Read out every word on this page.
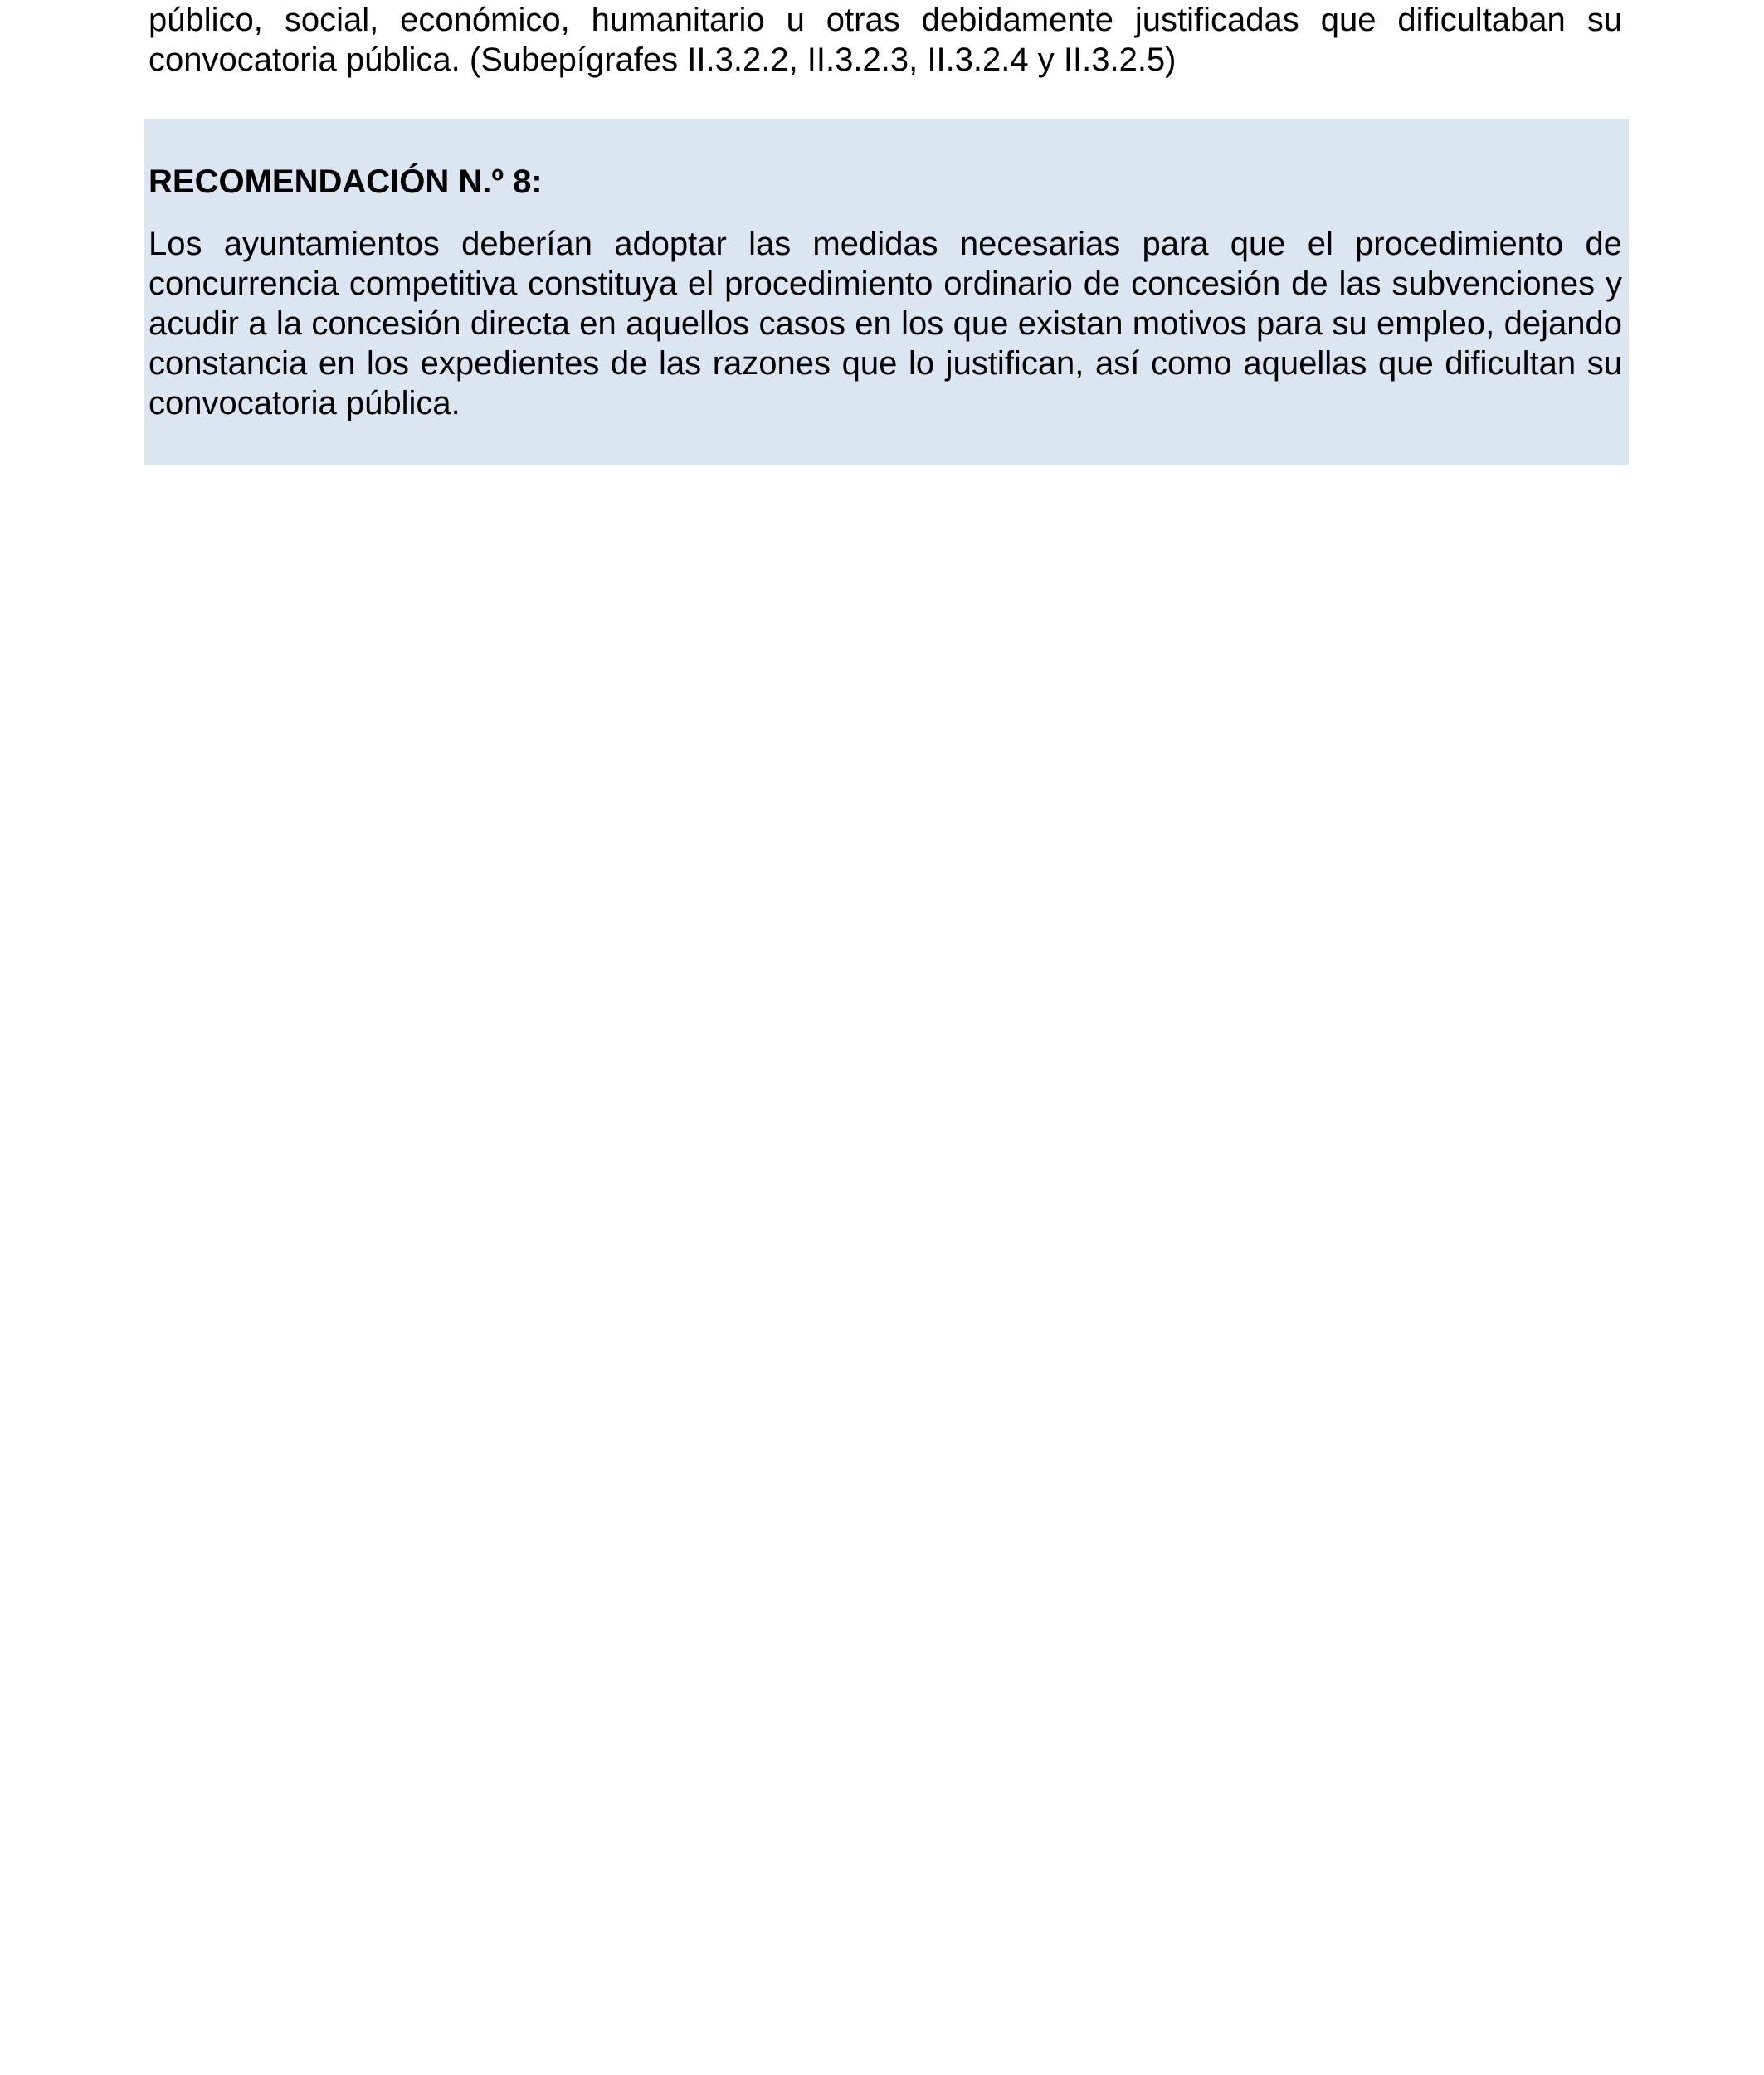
público, social, económico, humanitario u otras debidamente justificadas que dificultaban su convocatoria pública. (Subepígrafes II.3.2.2, II.3.2.3, II.3.2.4 y II.3.2.5)

RECOMENDACIÓN N.º 8:

Los ayuntamientos deberían adoptar las medidas necesarias para que el procedimiento de concurrencia competitiva constituya el procedimiento ordinario de concesión de las subvenciones y acudir a la concesión directa en aquellos casos en los que existan motivos para su empleo, dejando constancia en los expedientes de las razones que lo justifican, así como aquellas que dificultan su convocatoria pública.
